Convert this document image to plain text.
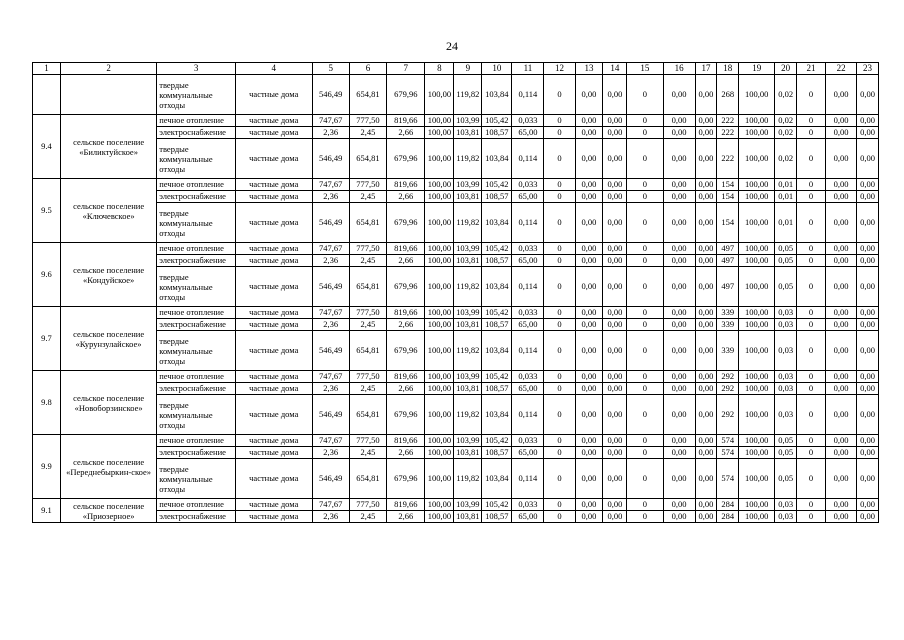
24
1	2	3	4	5	6	7	8	9	10	11	12	13	14	15	16	17	18	19	20	21	22	23
		твердые коммунальные отходы	частные дома	546,49	654,81	679,96	100,00	119,82	103,84	0,114	0	0,00	0,00	0	0,00	0,00	268	100,00	0,02	0	0,00	0,00
9.4	сельское поселение «Биликтуйское»	печное отопление	частные дома	747,67	777,50	819,66	100,00	103,99	105,42	0,033	0	0,00	0,00	0	0,00	0,00	222	100,00	0,02	0	0,00	0,00
		электроснабжение	частные дома	2,36	2,45	2,66	100,00	103,81	108,57	65,00	0	0,00	0,00	0	0,00	0,00	222	100,00	0,02	0	0,00	0,00
		твердые коммунальные отходы	частные дома	546,49	654,81	679,96	100,00	119,82	103,84	0,114	0	0,00	0,00	0	0,00	0,00	222	100,00	0,02	0	0,00	0,00
9.5	сельское поселение «Ключевское»	печное отопление	частные дома	747,67	777,50	819,66	100,00	103,99	105,42	0,033	0	0,00	0,00	0	0,00	0,00	154	100,00	0,01	0	0,00	0,00
		электроснабжение	частные дома	2,36	2,45	2,66	100,00	103,81	108,57	65,00	0	0,00	0,00	0	0,00	0,00	154	100,00	0,01	0	0,00	0,00
		твердые коммунальные отходы	частные дома	546,49	654,81	679,96	100,00	119,82	103,84	0,114	0	0,00	0,00	0	0,00	0,00	154	100,00	0,01	0	0,00	0,00
9.6	сельское поселение «Кондуйское»	печное отопление	частные дома	747,67	777,50	819,66	100,00	103,99	105,42	0,033	0	0,00	0,00	0	0,00	0,00	497	100,00	0,05	0	0,00	0,00
		электроснабжение	частные дома	2,36	2,45	2,66	100,00	103,81	108,57	65,00	0	0,00	0,00	0	0,00	0,00	497	100,00	0,05	0	0,00	0,00
		твердые коммунальные отходы	частные дома	546,49	654,81	679,96	100,00	119,82	103,84	0,114	0	0,00	0,00	0	0,00	0,00	497	100,00	0,05	0	0,00	0,00
9.7	сельское поселение «Курунзулайское»	печное отопление	частные дома	747,67	777,50	819,66	100,00	103,99	105,42	0,033	0	0,00	0,00	0	0,00	0,00	339	100,00	0,03	0	0,00	0,00
		электроснабжение	частные дома	2,36	2,45	2,66	100,00	103,81	108,57	65,00	0	0,00	0,00	0	0,00	0,00	339	100,00	0,03	0	0,00	0,00
		твердые коммунальные отходы	частные дома	546,49	654,81	679,96	100,00	119,82	103,84	0,114	0	0,00	0,00	0	0,00	0,00	339	100,00	0,03	0	0,00	0,00
9.8	сельское поселение «Новоборзинское»	печное отопление	частные дома	747,67	777,50	819,66	100,00	103,99	105,42	0,033	0	0,00	0,00	0	0,00	0,00	292	100,00	0,03	0	0,00	0,00
		электроснабжение	частные дома	2,36	2,45	2,66	100,00	103,81	108,57	65,00	0	0,00	0,00	0	0,00	0,00	292	100,00	0,03	0	0,00	0,00
		твердые коммунальные отходы	частные дома	546,49	654,81	679,96	100,00	119,82	103,84	0,114	0	0,00	0,00	0	0,00	0,00	292	100,00	0,03	0	0,00	0,00
9.9	сельское поселение «Переднебыркин-ское»	печное отопление	частные дома	747,67	777,50	819,66	100,00	103,99	105,42	0,033	0	0,00	0,00	0	0,00	0,00	574	100,00	0,05	0	0,00	0,00
		электроснабжение	частные дома	2,36	2,45	2,66	100,00	103,81	108,57	65,00	0	0,00	0,00	0	0,00	0,00	574	100,00	0,05	0	0,00	0,00
		твердые коммунальные отходы	частные дома	546,49	654,81	679,96	100,00	119,82	103,84	0,114	0	0,00	0,00	0	0,00	0,00	574	100,00	0,05	0	0,00	0,00
9.1	сельское поселение «Приозерное»	печное отопление	частные дома	747,67	777,50	819,66	100,00	103,99	105,42	0,033	0	0,00	0,00	0	0,00	0,00	284	100,00	0,03	0	0,00	0,00
		электроснабжение	частные дома	2,36	2,45	2,66	100,00	103,81	108,57	65,00	0	0,00	0,00	0	0,00	0,00	284	100,00	0,03	0	0,00	0,00
